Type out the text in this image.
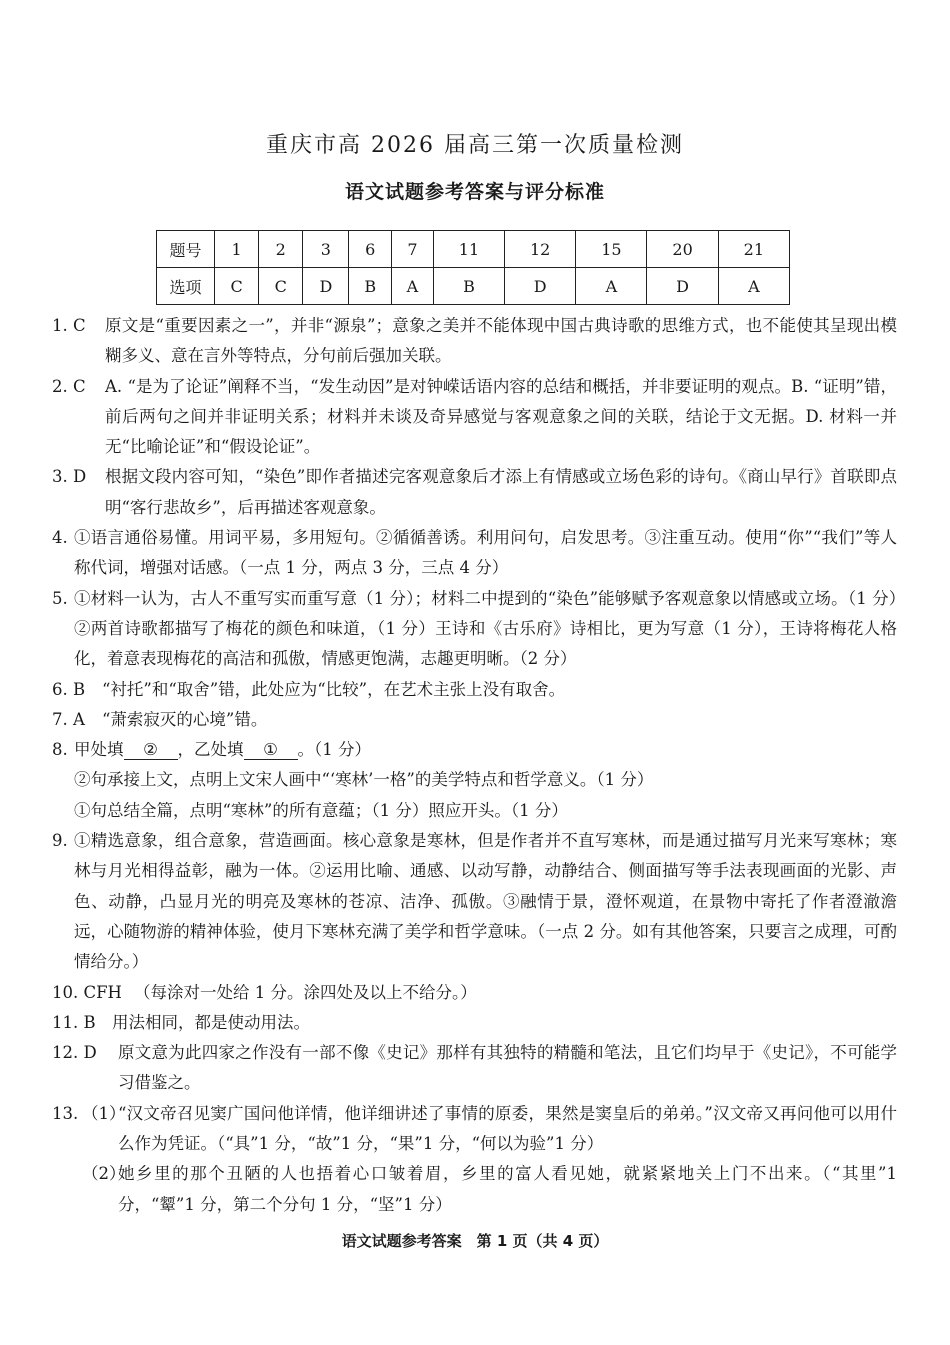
重庆市高 2026 届高三第一次质量检测
语文试题参考答案与评分标准
题号	1	2	3	6	7	11	12	15	20	21
选项	C	C	D	B	A	B	D	A	D	A
1. C	原文是“重要因素之一”，并非“源泉”；意象之美并不能体现中国古典诗歌的思维方式，也不能使其呈现出模糊多义、意在言外等特点，分句前后强加关联。
2. C	A. “是为了论证”阐释不当，“发生动因”是对钟嵘话语内容的总结和概括，并非要证明的观点。B. “证明”错，前后两句之间并非证明关系；材料并未谈及奇异感觉与客观意象之间的关联，结论于文无据。D. 材料一并无“比喻论证”和“假设论证”。
3. D	根据文段内容可知，“染色”即作者描述完客观意象后才添上有情感或立场色彩的诗句。《商山早行》首联即点明“客行悲故乡”，后再描述客观意象。
4. ①语言通俗易懂。用词平易，多用短句。②循循善诱。利用问句，启发思考。③注重互动。使用“你”“我们”等人称代词，增强对话感。（一点 1 分，两点 3 分，三点 4 分）
5. ①材料一认为，古人不重写实而重写意（1 分）；材料二中提到的“染色”能够赋予客观意象以情感或立场。（1 分）②两首诗歌都描写了梅花的颜色和味道，（1 分）王诗和《古乐府》诗相比，更为写意（1 分），王诗将梅花人格化，着意表现梅花的高洁和孤傲，情感更饱满，志趣更明晰。（2 分）
6. B	“衬托”和“取舍”错，此处应为“比较”，在艺术主张上没有取舍。
7. A	“萧索寂灭的心境”错。
8. 甲处填 ② ，乙处填 ① 。（1 分）
②句承接上文，点明上文宋人画中“‘寒林’一格”的美学特点和哲学意义。（1 分）
①句总结全篇，点明“寒林”的所有意蕴；（1 分）照应开头。（1 分）
9. ①精选意象，组合意象，营造画面。核心意象是寒林，但是作者并不直写寒林，而是通过描写月光来写寒林；寒林与月光相得益彰，融为一体。②运用比喻、通感、以动写静，动静结合、侧面描写等手法表现画面的光影、声色、动静，凸显月光的明亮及寒林的苍凉、洁净、孤傲。③融情于景，澄怀观道，在景物中寄托了作者澄澈澹远，心随物游的精神体验，使月下寒林充满了美学和哲学意味。（一点 2 分。如有其他答案，只要言之成理，可酌情给分。）
10. CFH （每涂对一处给 1 分。涂四处及以上不给分。）
11. B 用法相同，都是使动用法。
12. D	原文意为此四家之作没有一部不像《史记》那样有其独特的精髓和笔法，且它们均早于《史记》，不可能学习借鉴之。
13.
（1）
“汉文帝召见窦广国问他详情，他详细讲述了事情的原委，果然是窦皇后的弟弟。”汉文帝又再问他可以用什么作为凭证。（“具”1 分，“故”1 分，“果”1 分，“何以为验”1 分）
（2）
她乡里的那个丑陋的人也捂着心口皱着眉，乡里的富人看见她，就紧紧地关上门不出来。（“其里”1 分，“颦”1 分，第二个分句 1 分，“坚”1 分）
语文试题参考答案　第 1 页（共 4 页）
